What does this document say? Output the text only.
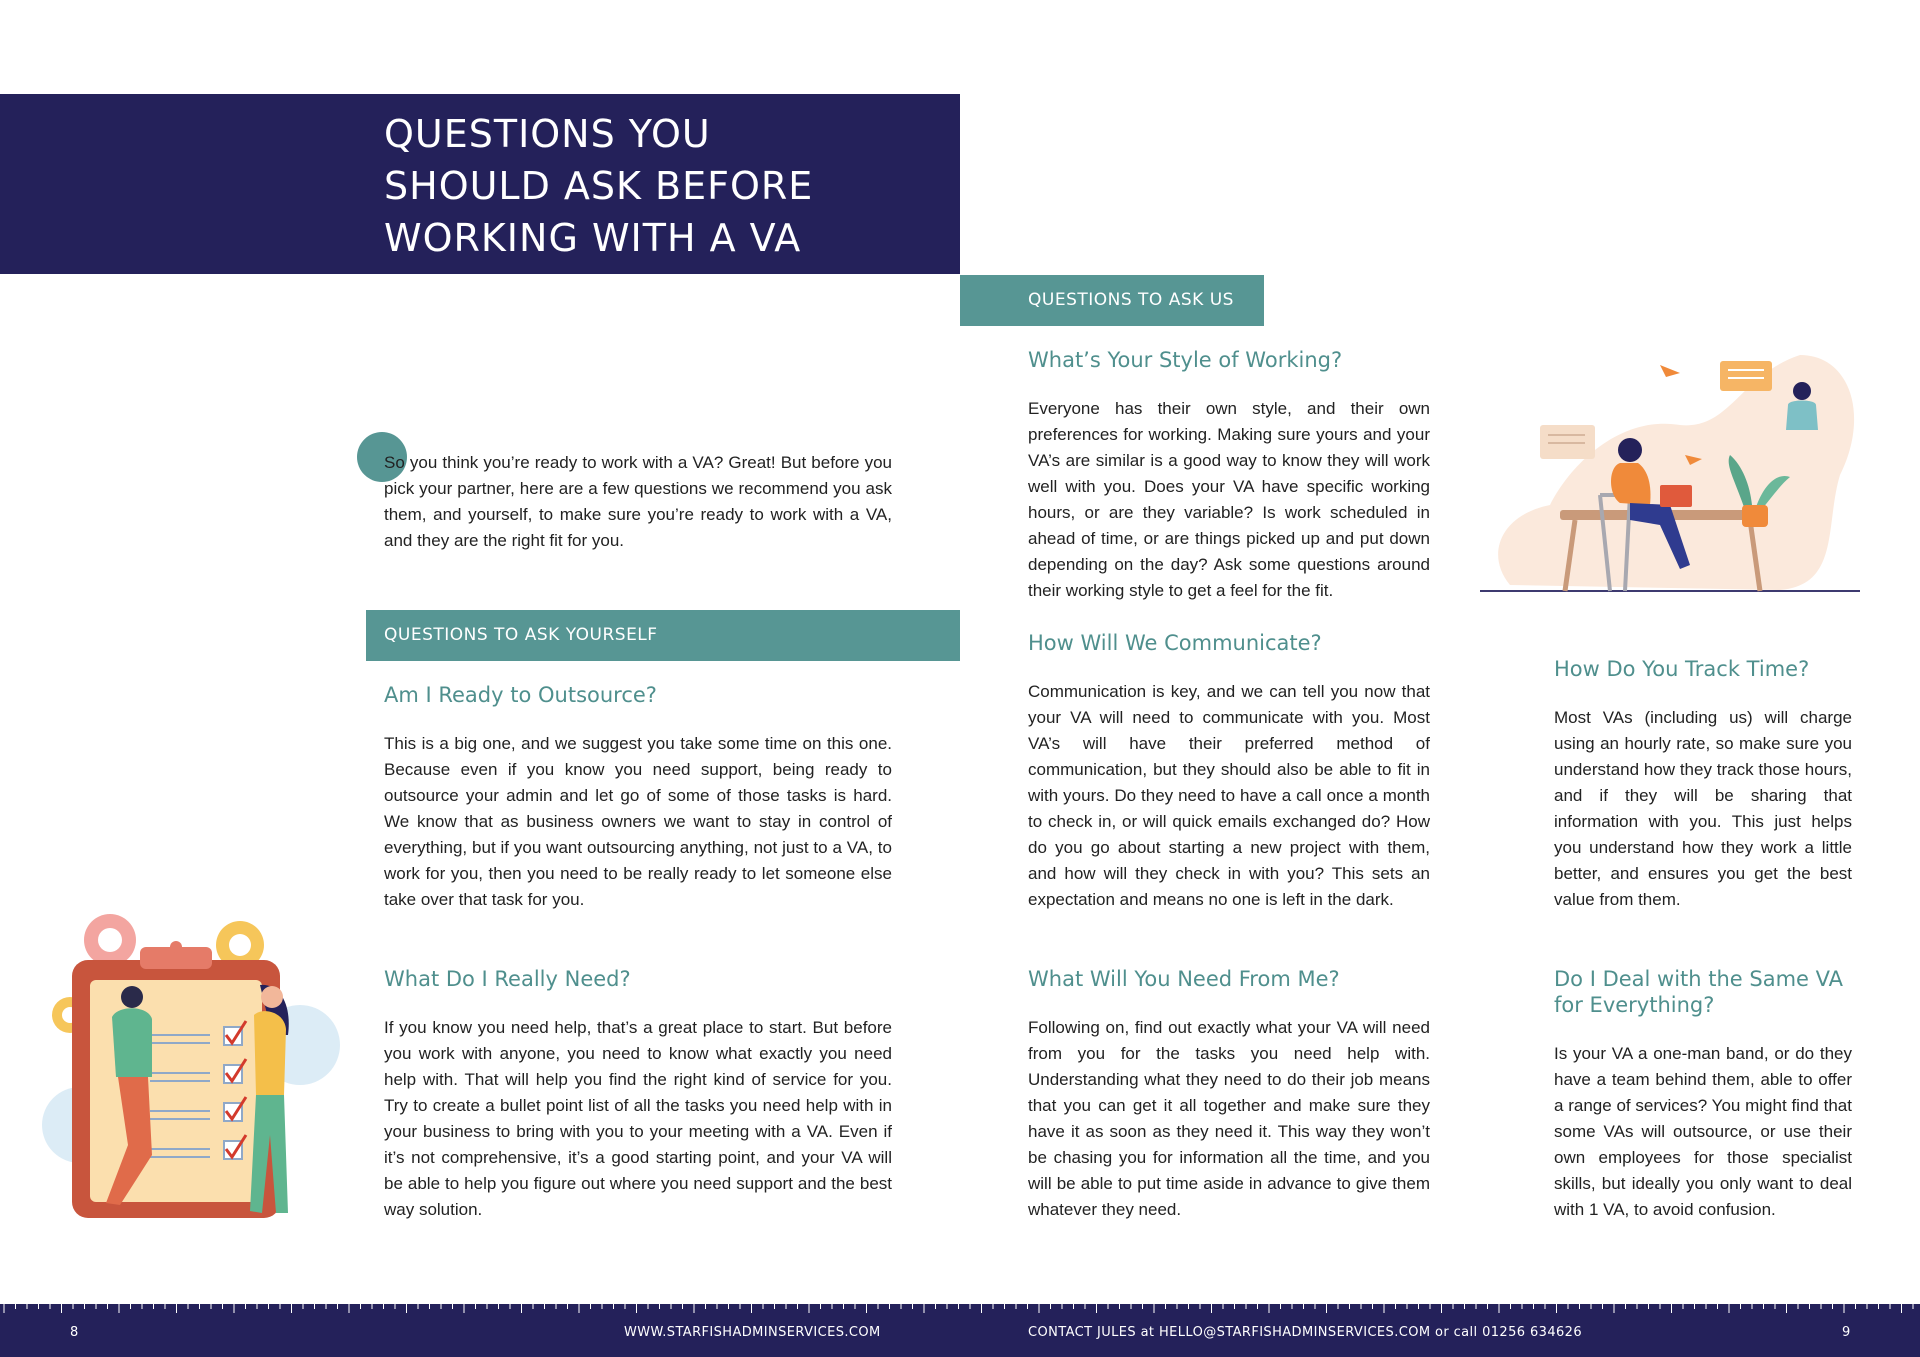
QUESTIONS YOU
SHOULD ASK BEFORE
WORKING WITH A VA
QUESTIONS TO ASK US
QUESTIONS TO ASK YOURSELF

So you think you’re ready to work with a VA? Great! But before you pick your partner, here are a few questions we recommend you ask them, and yourself, to make sure you’re ready to work with a VA, and they are the right fit for you.

Am I Ready to Outsource?

This is a big one, and we suggest you take some time on this one. Because even if you know you need support, being ready to outsource your admin and let go of some of those tasks is hard. We know that as business owners we want to stay in control of everything, but if you want outsourcing anything, not just to a VA, to work for you, then you need to be really ready to let someone else take over that task for you.

What Do I Really Need?

If you know you need help, that’s a great place to start. But before you work with anyone, you need to know what exactly you need help with. That will help you find the right kind of service for you. Try to create a bullet point list of all the tasks you need help with in your business to bring with you to your meeting with a VA. Even if it’s not comprehensive, it’s a good starting point, and your VA will be able to help you figure out where you need support and the best way solution.

What’s Your Style of Working?

Everyone has their own style, and their own preferences for working. Making sure yours and your VA’s are similar is a good way to know they will work well with you. Does your VA have specific working hours, or are they variable? Is work scheduled in ahead of time, or are things picked up and put down depending on the day? Ask some questions around their working style to get a feel for the fit.

How Will We Communicate?

Communication is key, and we can tell you now that your VA will need to communicate with you. Most VA’s will have their preferred method of communication, but they should also be able to fit in with yours. Do they need to have a call once a month to check in, or will quick emails exchanged do? How do you go about starting a new project with them, and how will they check in with you? This sets an expectation and means no one is left in the dark.

What Will You Need From Me?

Following on, find out exactly what your VA will need from you for the tasks you need help with. Understanding what they need to do their job means that you can get it all together and make sure they have it as soon as they need it. This way they won’t be chasing you for information all the time, and you will be able to put time aside in advance to give them whatever they need.

How Do You Track Time?

Most VAs (including us) will charge using an hourly rate, so make sure you understand how they track those hours, and if they will be sharing that information with you. This just helps you understand how they work a little better, and ensures you get the best value from them.

Do I Deal with the Same VA for Everything?

Is your VA a one-man band, or do they have a team behind them, able to offer a range of services? You might find that some VAs will outsource, or use their own employees for those specialist skills, but ideally you only want to deal with 1 VA, to avoid confusion.

8	WWW.STARFISHADMINSERVICES.COM	CONTACT JULES at HELLO@STARFISHADMINSERVICES.COM or call 01256 634626	9
